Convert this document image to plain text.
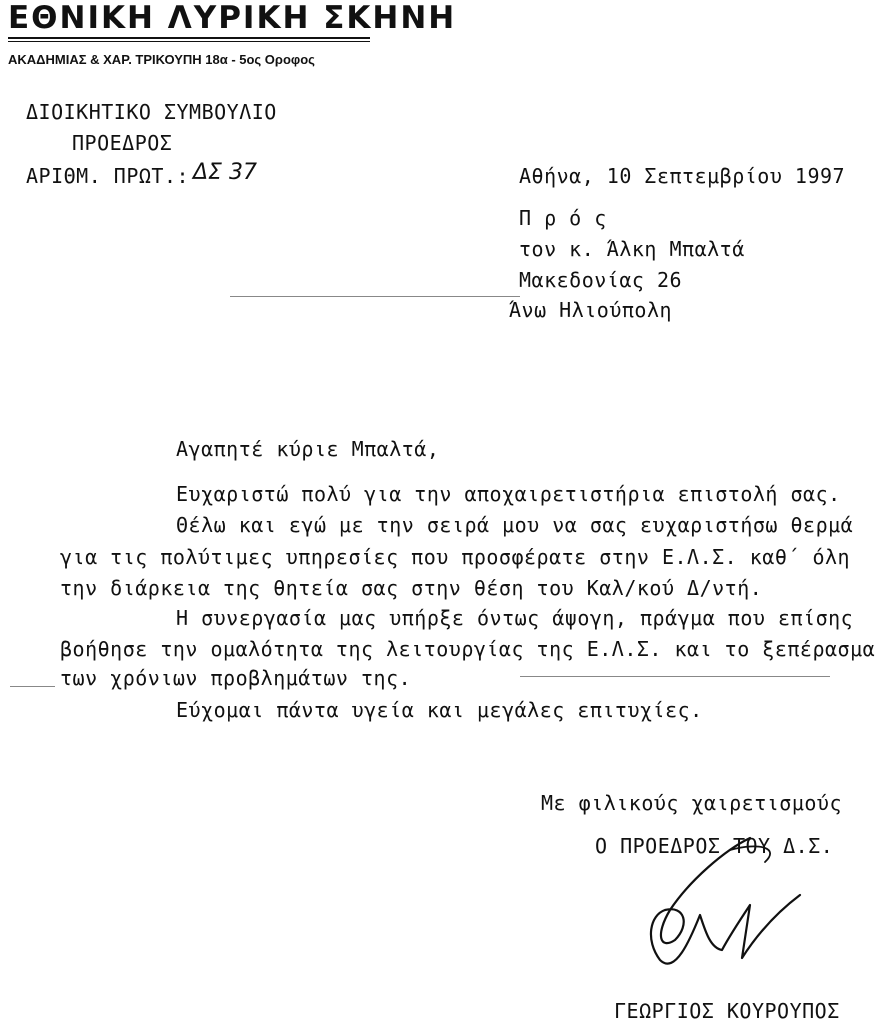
ΕΘΝΙΚΗ ΛΥΡΙΚΗ ΣΚΗΝΗ
ΑΚΑΔΗΜΙΑΣ & ΧΑΡ. ΤΡΙΚΟΥΠΗ 18α - 5ος Οροφος
ΔΙΟΙΚΗΤΙΚΟ ΣΥΜΒΟΥΛΙΟ
ΠΡΟΕΔΡΟΣ
ΑΡΙΘΜ. ΠΡΩΤ.: ΔΣ 37	Αθήνα, 10 Σεπτεμβρίου 1997
Π ρ ό ς
τον κ. Άλκη Μπαλτά
Μακεδονίας 26
Άνω Ηλιούπολη
Αγαπητέ κύριε Μπαλτά,
Ευχαριστώ πολύ για την αποχαιρετιστήρια επιστολή σας.
Θέλω και εγώ με την σειρά μου να σας ευχαριστήσω θερμά
για τις πολύτιμες υπηρεσίες που προσφέρατε στην Ε.Λ.Σ. καθ΄ όλη
την διάρκεια της θητεία σας στην θέση του Καλ/κού Δ/ντή.
Η συνεργασία μας υπήρξε όντως άψογη, πράγμα που επίσης
βοήθησε την ομαλότητα της λειτουργίας της Ε.Λ.Σ. και το ξεπέρασμα
των χρόνιων προβλημάτων της.
Εύχομαι πάντα υγεία και μεγάλες επιτυχίες.
Με φιλικούς χαιρετισμούς
Ο ΠΡΟΕΔΡΟΣ ΤΟΥ Δ.Σ.
ΓΕΩΡΓΙΟΣ ΚΟΥΡΟΥΠΟΣ
